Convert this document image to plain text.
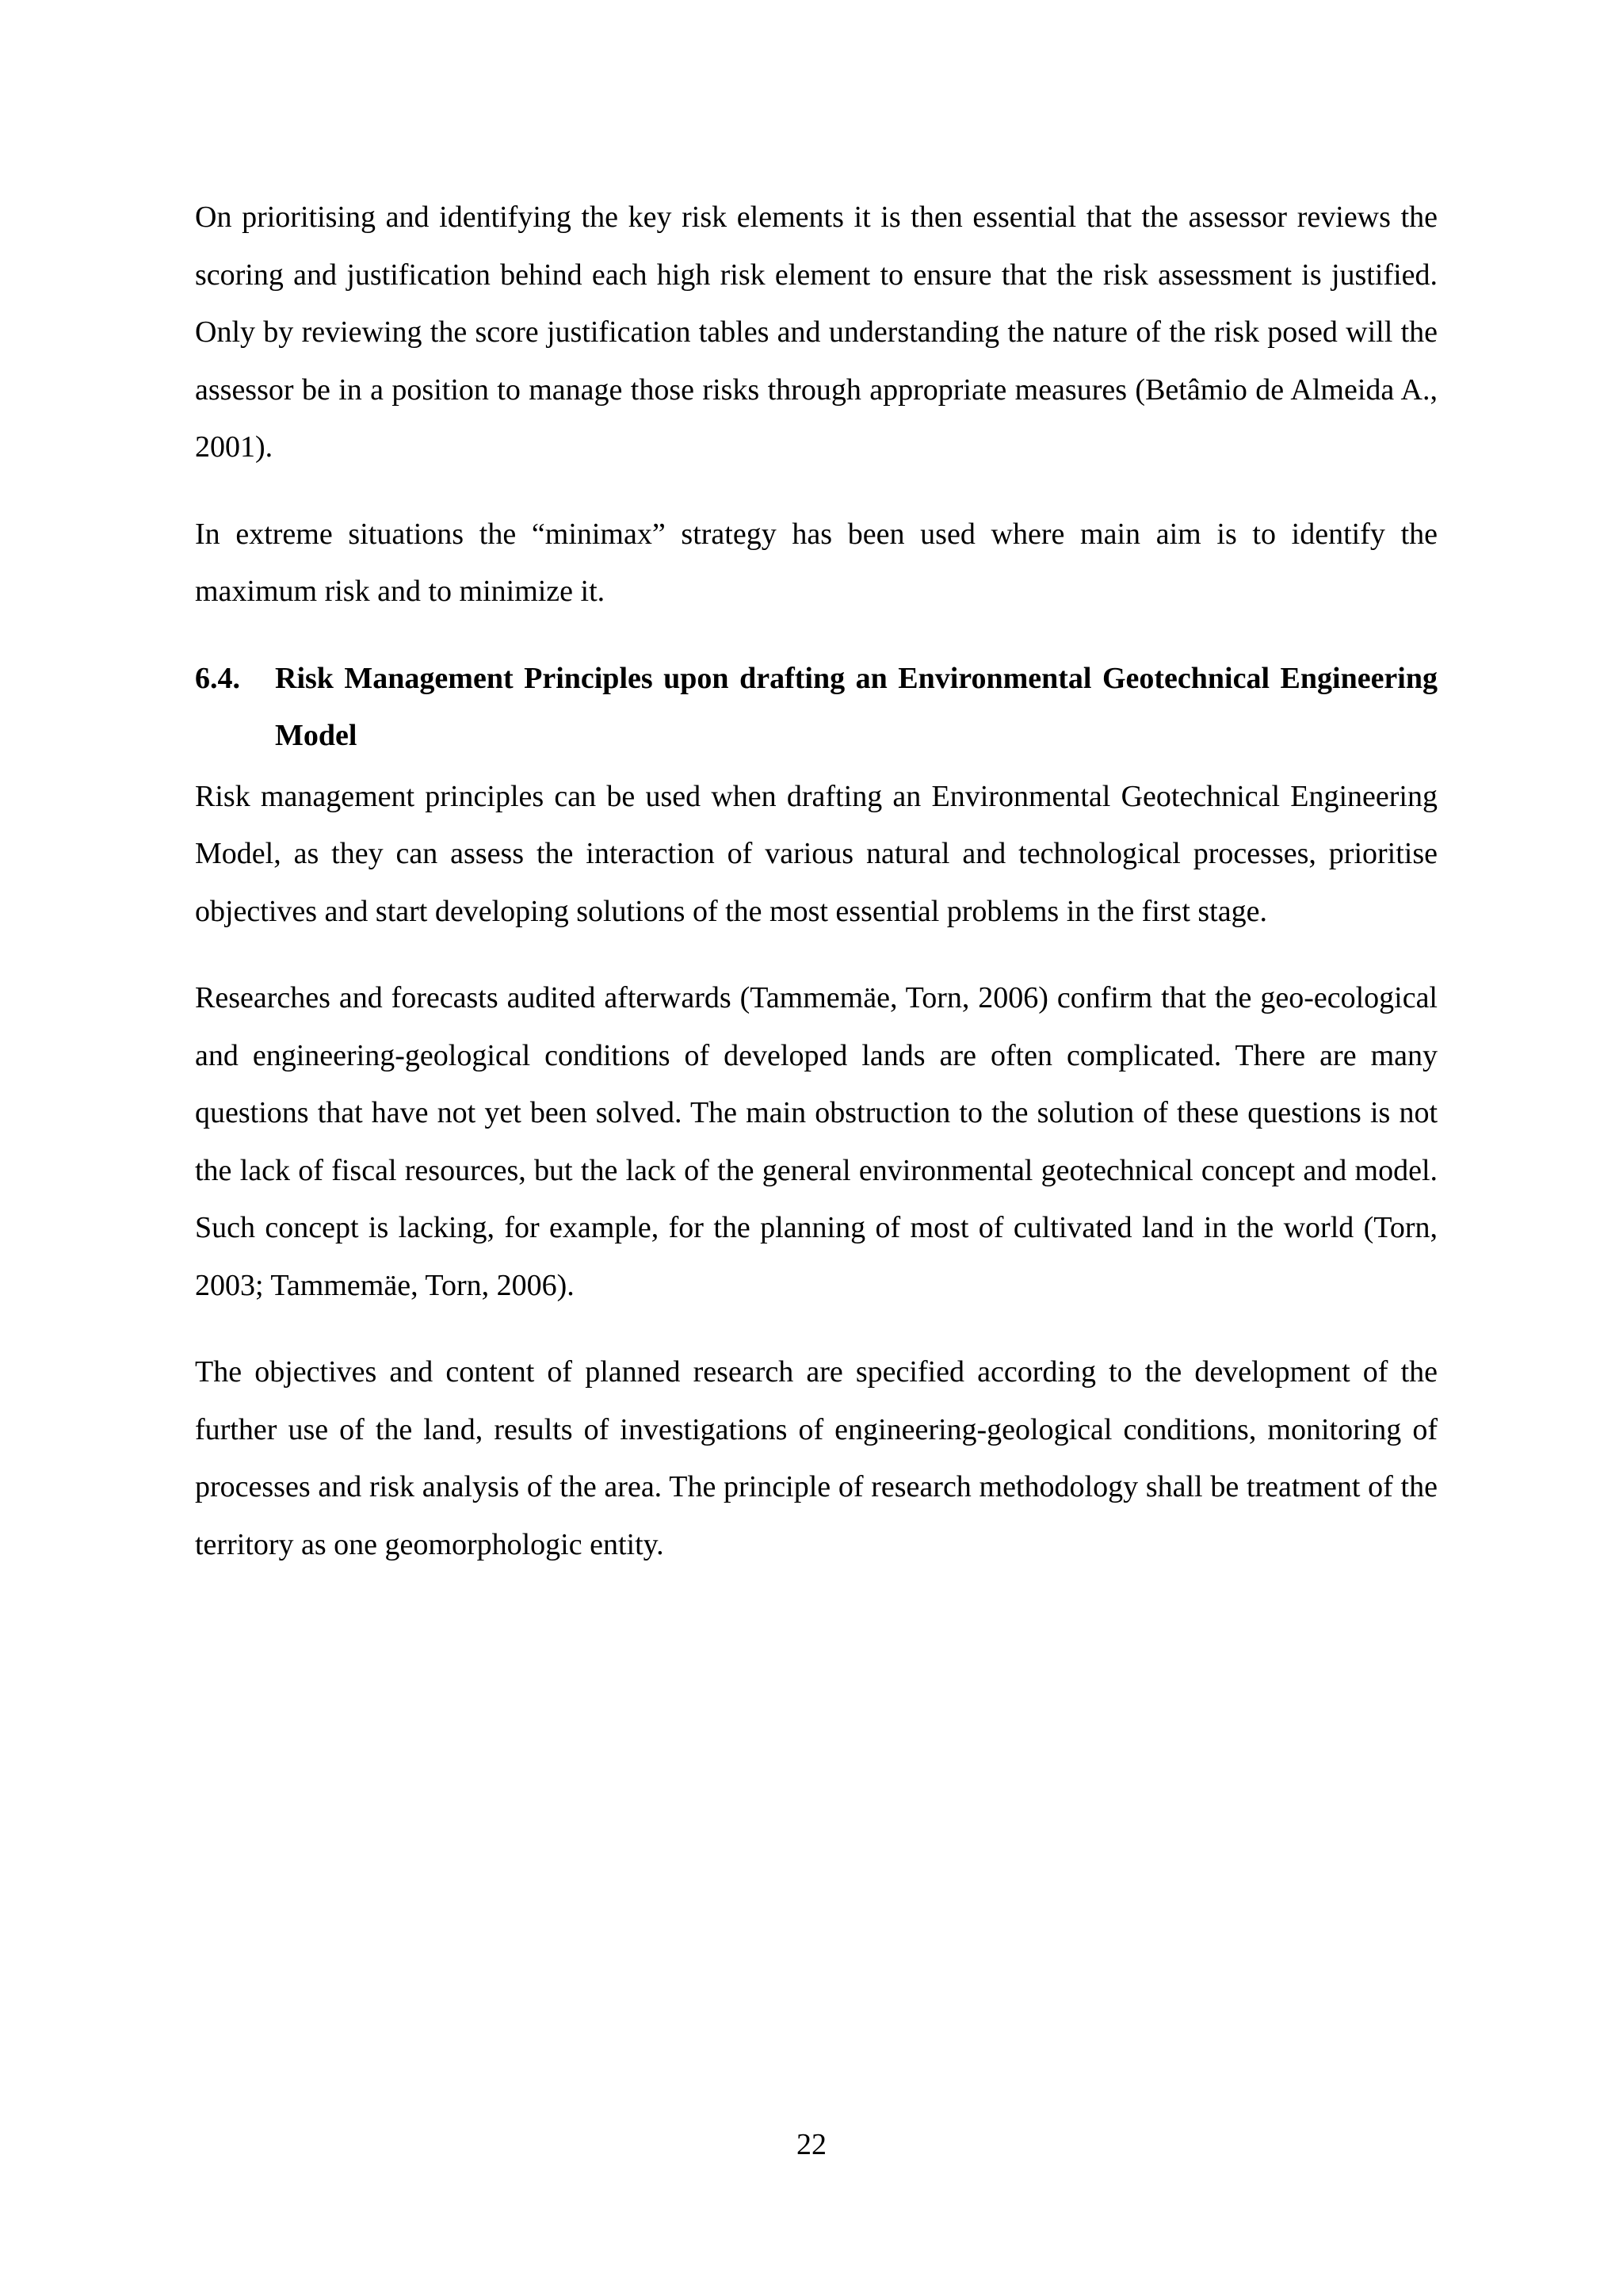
On prioritising and identifying the key risk elements it is then essential that the assessor reviews the scoring and justification behind each high risk element to ensure that the risk assessment is justified. Only by reviewing the score justification tables and understanding the nature of the risk posed will the assessor be in a position to manage those risks through appropriate measures (Betâmio de Almeida A., 2001).

In extreme situations the “minimax” strategy has been used where main aim is to identify the maximum risk and to minimize it.

6.4.	Risk Management Principles upon drafting an Environmental Geotechnical Engineering Model

Risk management principles can be used when drafting an Environmental Geotechnical Engineering Model, as they can assess the interaction of various natural and technological processes, prioritise objectives and start developing solutions of the most essential problems in the first stage.

Researches and forecasts audited afterwards (Tammemäe, Torn, 2006) confirm that the geo-ecological and engineering-geological conditions of developed lands are often complicated. There are many questions that have not yet been solved. The main obstruction to the solution of these questions is not the lack of fiscal resources, but the lack of the general environmental geotechnical concept and model. Such concept is lacking, for example, for the planning of most of cultivated land in the world (Torn, 2003; Tammemäe, Torn, 2006).

The objectives and content of planned research are specified according to the development of the further use of the land, results of investigations of engineering-geological conditions, monitoring of processes and risk analysis of the area. The principle of research methodology shall be treatment of the territory as one geomorphologic entity.

22
